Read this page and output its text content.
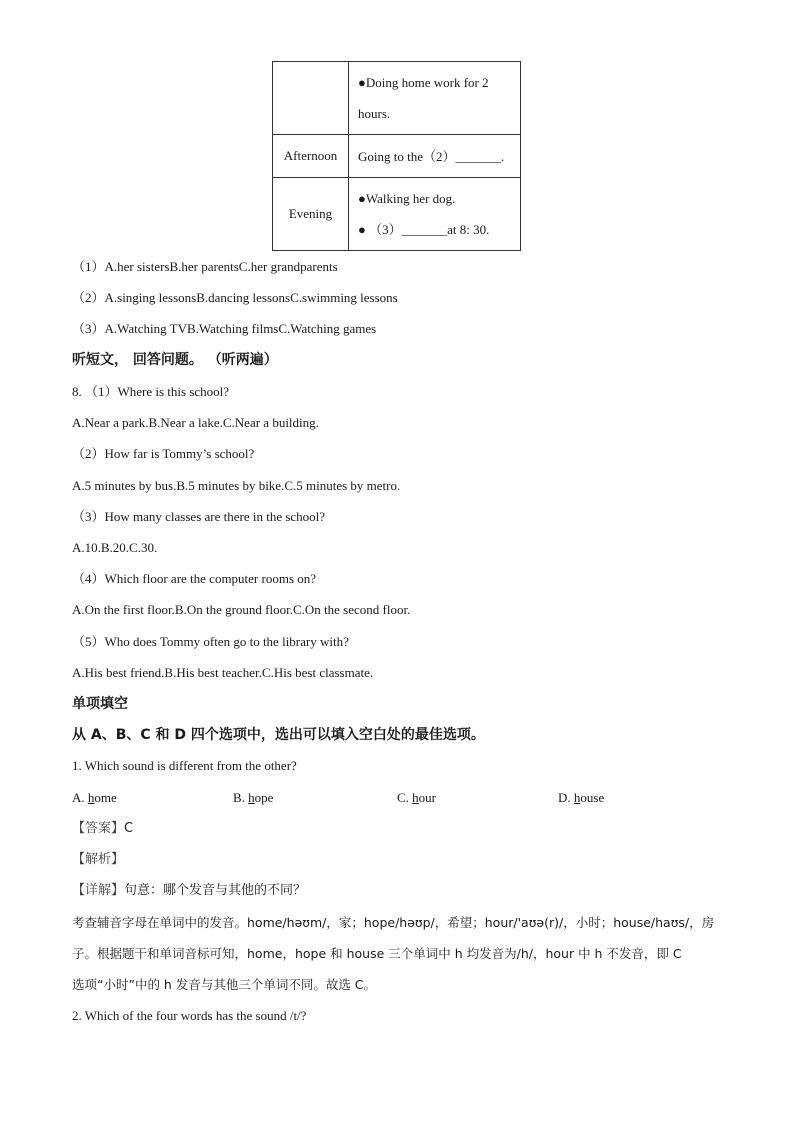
	●Doing home work for 2
hours.

Afternoon	Going to the（2）_______.
Evening	●Walking her dog.
● （3）_______at 8: 30.
（1）A.her sistersB.her parentsC.her grandparents
（2）A.singing lessonsB.dancing lessonsC.swimming lessons
（3）A.Watching TVB.Watching filmsC.Watching games
听短文， 回答问题。 （听两遍）
8. （1）Where is this school?
A.Near a park.B.Near a lake.C.Near a building.
（2）How far is Tommy’s school?
A.5 minutes by bus.B.5 minutes by bike.C.5 minutes by metro.
（3）How many classes are there in the school?
A.10.B.20.C.30.
（4）Which floor are the computer rooms on?
A.On the first floor.B.On the ground floor.C.On the second floor.
（5）Who does Tommy often go to the library with?
A.His best friend.B.His best teacher.C.His best classmate.
单项填空
从 A、B、C 和 D 四个选项中，选出可以填入空白处的最佳选项。
1. Which sound is different from the other?
A. home	B. hope	C. hour	D. house
【答案】C
【解析】
【详解】句意：哪个发音与其他的不同？
考查辅音字母在单词中的发音。home/həʊm/，家；hope/həʊp/，希望；hour/'aʊə(r)/，小时；house/haʊs/，房
子。根据题干和单词音标可知，home，hope 和 house 三个单词中 h 均发音为/h/，hour 中 h 不发音，即 C
选项“小时”中的 h 发音与其他三个单词不同。故选 C。
2. Which of the four words has the sound /t/?
